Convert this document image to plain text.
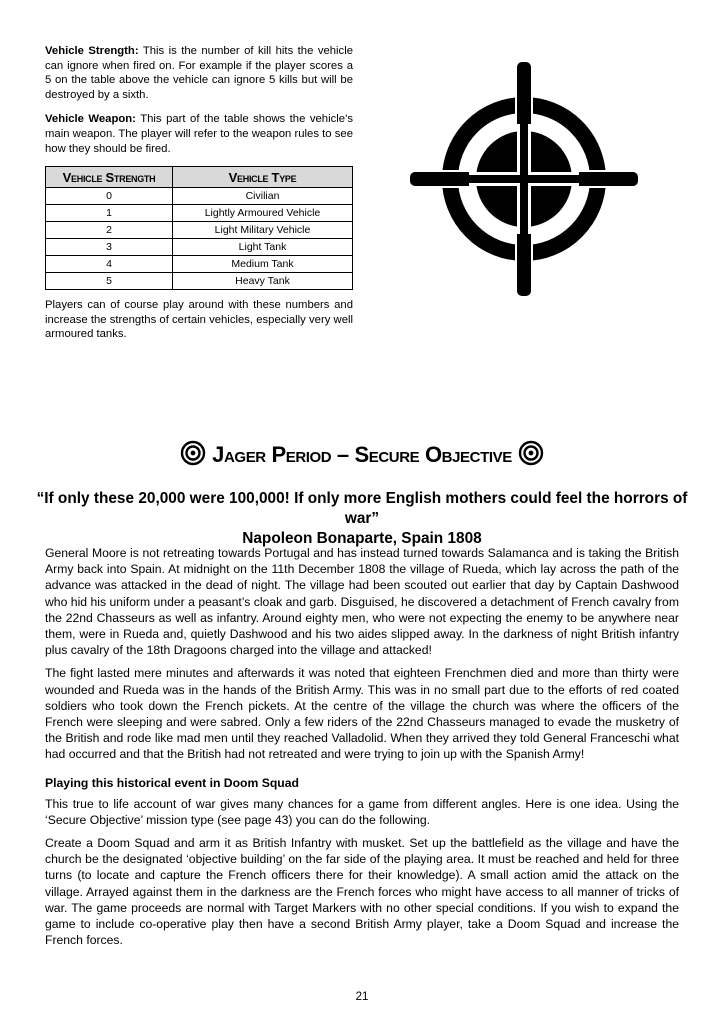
Vehicle Strength: This is the number of kill hits the vehicle can ignore when fired on. For example if the player scores a 5 on the table above the vehicle can ignore 5 kills but will be destroyed by a sixth.

Vehicle Weapon: This part of the table shows the vehicle’s main weapon. The player will refer to the weapon rules to see how they should be fired.

Vehicle Strength	Vehicle Type
0	Civilian
1	Lightly Armoured Vehicle
2	Light Military Vehicle
3	Light Tank
4	Medium Tank
5	Heavy Tank

Players can of course play around with these numbers and increase the strengths of certain vehicles, especially very well armoured tanks.

Jager Period – Secure Objective
“If only these 20,000 were 100,000! If only more English mothers could feel the horrors of war”
Napoleon Bonaparte, Spain 1808

General Moore is not retreating towards Portugal and has instead turned towards Salamanca and is taking the British Army back into Spain. At midnight on the 11th December 1808 the village of Rueda, which lay across the path of the advance was attacked in the dead of night. The village had been scouted out earlier that day by Captain Dashwood who hid his uniform under a peasant’s cloak and garb. Disguised, he discovered a detachment of French cavalry from the 22nd Chasseurs as well as infantry. Around eighty men, who were not expecting the enemy to be anywhere near them, were in Rueda and, quietly Dashwood and his two aides slipped away. In the darkness of night British infantry plus cavalry of the 18th Dragoons charged into the village and attacked!

The fight lasted mere minutes and afterwards it was noted that eighteen Frenchmen died and more than thirty were wounded and Rueda was in the hands of the British Army. This was in no small part due to the efforts of red coated soldiers who took down the French pickets. At the centre of the village the church was where the officers of the French were sleeping and were sabred. Only a few riders of the 22nd Chasseurs managed to evade the musketry of the British and rode like mad men until they reached Valladolid. When they arrived they told General Franceschi what had occurred and that the British had not retreated and were trying to join up with the Spanish Army!

Playing this historical event in Doom Squad

This true to life account of war gives many chances for a game from different angles. Here is one idea. Using the ‘Secure Objective’ mission type (see page 43) you can do the following.

Create a Doom Squad and arm it as British Infantry with musket. Set up the battlefield as the village and have the church be the designated ‘objective building’ on the far side of the playing area. It must be reached and held for three turns (to locate and capture the French officers there for their knowledge). A small action amid the attack on the village. Arrayed against them in the darkness are the French forces who might have access to all manner of tricks of war. The game proceeds are normal with Target Markers with no other special conditions. If you wish to expand the game to include co-operative play then have a second British Army player, take a Doom Squad and increase the French forces.

21
